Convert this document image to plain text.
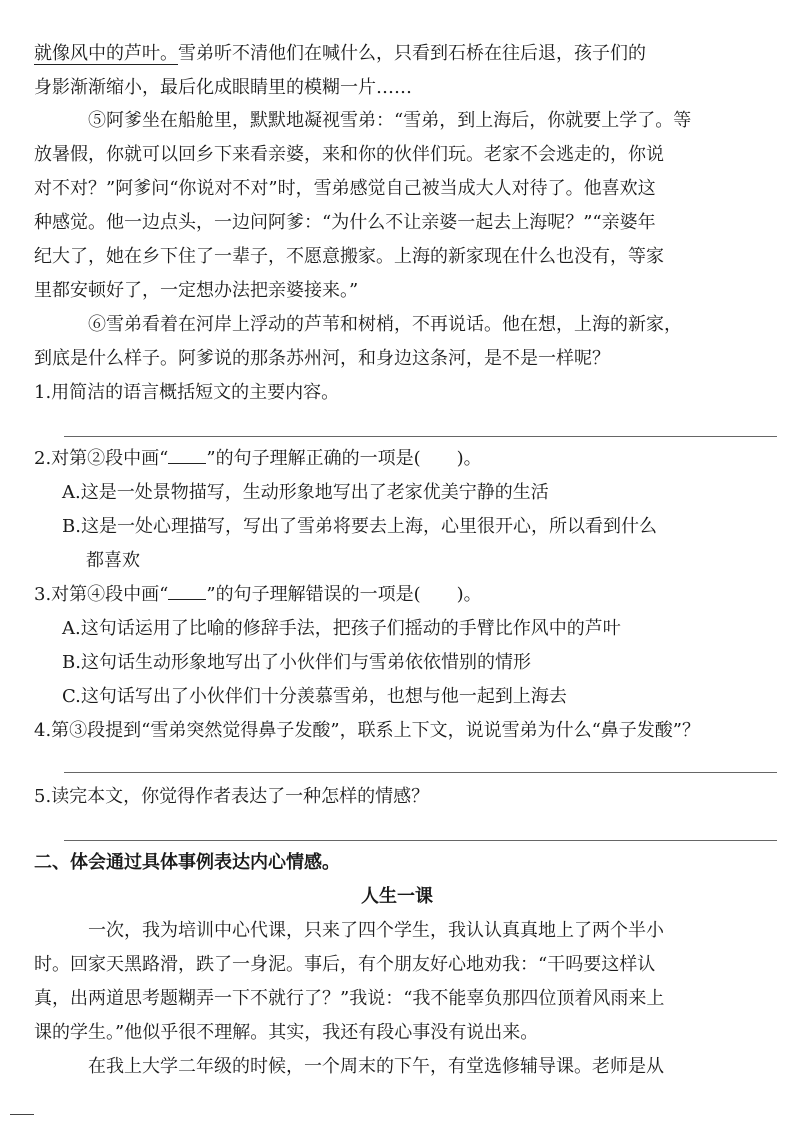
就像风中的芦叶。雪弟听不清他们在喊什么，只看到石桥在往后退，孩子们的
身影渐渐缩小，最后化成眼睛里的模糊一片……
⑤阿爹坐在船舱里，默默地凝视雪弟：“雪弟，到上海后，你就要上学了。等
放暑假，你就可以回乡下来看亲婆，来和你的伙伴们玩。老家不会逃走的，你说
对不对？”阿爹问“你说对不对”时，雪弟感觉自己被当成大人对待了。他喜欢这
种感觉。他一边点头，一边问阿爹：“为什么不让亲婆一起去上海呢？”“亲婆年
纪大了，她在乡下住了一辈子，不愿意搬家。上海的新家现在什么也没有，等家
里都安顿好了，一定想办法把亲婆接来。”
⑥雪弟看着在河岸上浮动的芦苇和树梢，不再说话。他在想，上海的新家，
到底是什么样子。阿爹说的那条苏州河，和身边这条河，是不是一样呢？
1.用简洁的语言概括短文的主要内容。
2.对第②段中画“ ”的句子理解正确的一项是(　　)。
A.这是一处景物描写，生动形象地写出了老家优美宁静的生活
B.这是一处心理描写，写出了雪弟将要去上海，心里很开心，所以看到什么
都喜欢
3.对第④段中画“ ”的句子理解错误的一项是(　　)。
A.这句话运用了比喻的修辞手法，把孩子们摇动的手臂比作风中的芦叶
B.这句话生动形象地写出了小伙伴们与雪弟依依惜别的情形
C.这句话写出了小伙伴们十分羡慕雪弟，也想与他一起到上海去
4.第③段提到“雪弟突然觉得鼻子发酸”，联系上下文，说说雪弟为什么“鼻子发酸”？
5.读完本文，你觉得作者表达了一种怎样的情感？
二、体会通过具体事例表达内心情感。
人生一课
一次，我为培训中心代课，只来了四个学生，我认认真真地上了两个半小
时。回家天黑路滑，跌了一身泥。事后，有个朋友好心地劝我：“干吗要这样认
真，出两道思考题糊弄一下不就行了？”我说：“我不能辜负那四位顶着风雨来上
课的学生。”他似乎很不理解。其实，我还有段心事没有说出来。
在我上大学二年级的时候，一个周末的下午，有堂选修辅导课。老师是从
